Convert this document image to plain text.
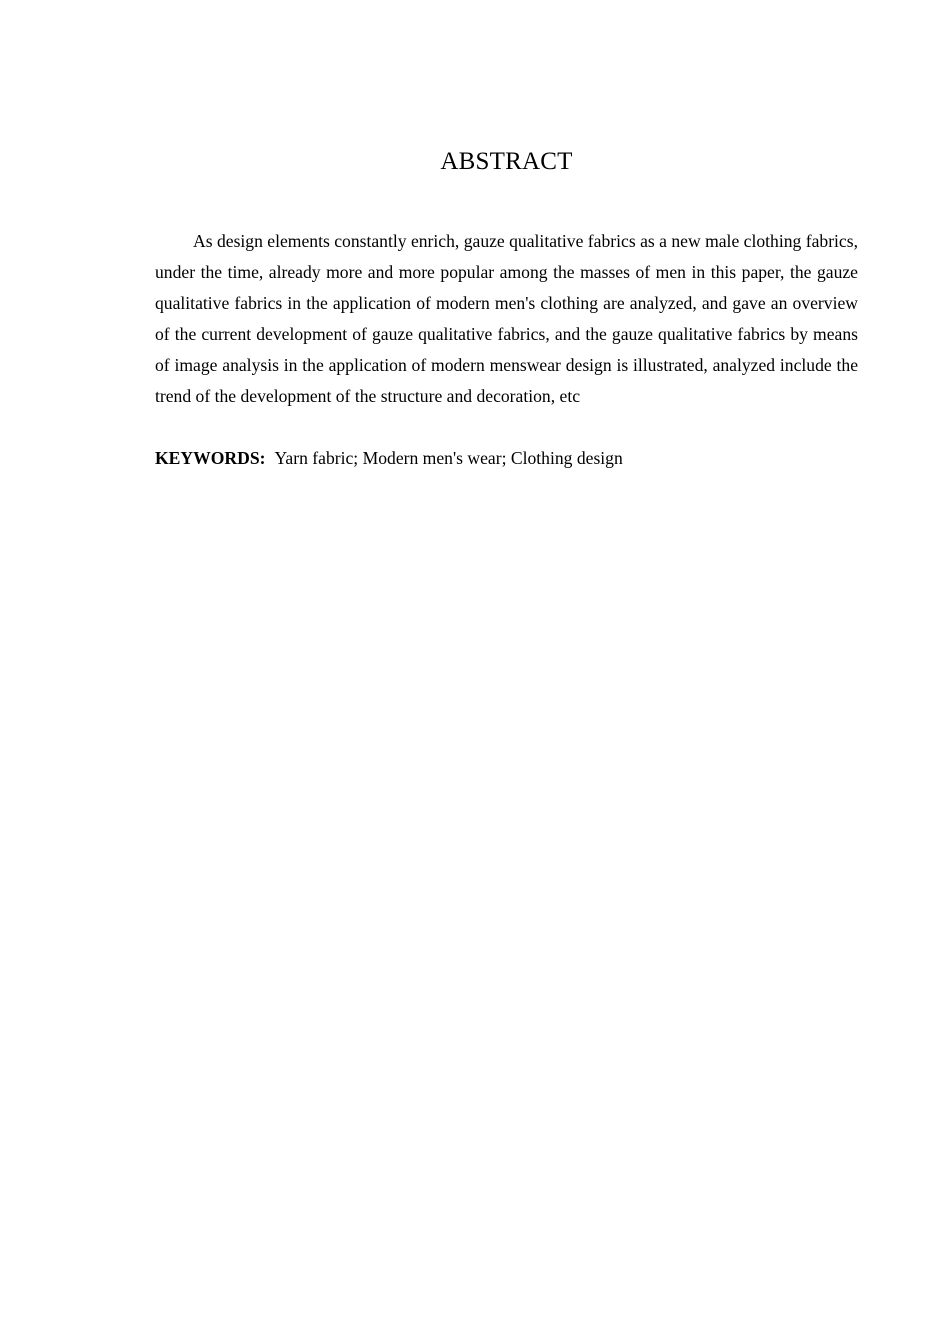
ABSTRACT

As design elements constantly enrich, gauze qualitative fabrics as a new male clothing fabrics, under the time, already more and more popular among the masses of men in this paper, the gauze qualitative fabrics in the application of modern men's clothing are analyzed, and gave an overview of the current development of gauze qualitative fabrics, and the gauze qualitative fabrics by means of image analysis in the application of modern menswear design is illustrated, analyzed include the trend of the development of the structure and decoration, etc

KEYWORDS: Yarn fabric; Modern men's wear; Clothing design
